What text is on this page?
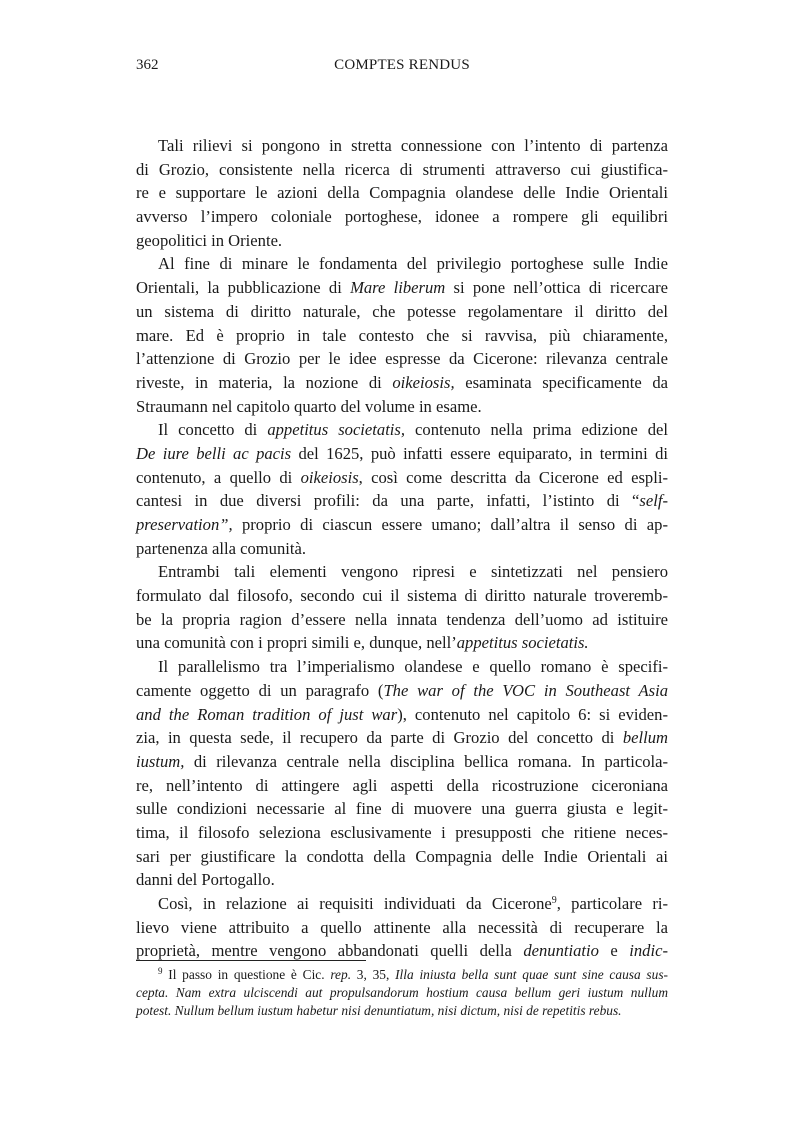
362	COMPTES RENDUS
Tali rilievi si pongono in stretta connessione con l’intento di partenza
di Grozio, consistente nella ricerca di strumenti attraverso cui giustifica-
re e supportare le azioni della Compagnia olandese delle Indie Orientali
avverso l’impero coloniale portoghese, idonee a rompere gli equilibri
geopolitici in Oriente.
Al fine di minare le fondamenta del privilegio portoghese sulle Indie
Orientali, la pubblicazione di Mare liberum si pone nell’ottica di ricercare
un sistema di diritto naturale, che potesse regolamentare il diritto del
mare. Ed è proprio in tale contesto che si ravvisa, più chiaramente,
l’attenzione di Grozio per le idee espresse da Cicerone: rilevanza centrale
riveste, in materia, la nozione di oikeiosis, esaminata specificamente da
Straumann nel capitolo quarto del volume in esame.
Il concetto di appetitus societatis, contenuto nella prima edizione del
De iure belli ac pacis del 1625, può infatti essere equiparato, in termini di
contenuto, a quello di oikeiosis, così come descritta da Cicerone ed espli-
cantesi in due diversi profili: da una parte, infatti, l’istinto di “self-
preservation”, proprio di ciascun essere umano; dall’altra il senso di ap-
partenenza alla comunità.
Entrambi tali elementi vengono ripresi e sintetizzati nel pensiero
formulato dal filosofo, secondo cui il sistema di diritto naturale troveremb-
be la propria ragion d’essere nella innata tendenza dell’uomo ad istituire
una comunità con i propri simili e, dunque, nell’appetitus societatis.
Il parallelismo tra l’imperialismo olandese e quello romano è specifi-
camente oggetto di un paragrafo (The war of the VOC in Southeast Asia
and the Roman tradition of just war), contenuto nel capitolo 6: si eviden-
zia, in questa sede, il recupero da parte di Grozio del concetto di bellum
iustum, di rilevanza centrale nella disciplina bellica romana. In particola-
re, nell’intento di attingere agli aspetti della ricostruzione ciceroniana
sulle condizioni necessarie al fine di muovere una guerra giusta e legit-
tima, il filosofo seleziona esclusivamente i presupposti che ritiene neces-
sari per giustificare la condotta della Compagnia delle Indie Orientali ai
danni del Portogallo.
Così, in relazione ai requisiti individuati da Cicerone$^9$, particolare ri-
lievo viene attribuito a quello attinente alla necessità di recuperare la
proprietà, mentre vengono abbandonati quelli della denuntiatio e indic-
$^9$ Il passo in questione è Cic. rep. 3, 35, Illa iniusta bella sunt quae sunt sine causa sus-
cepta. Nam extra ulciscendi aut propulsandorum hostium causa bellum geri iustum nullum
potest. Nullum bellum iustum habetur nisi denuntiatum, nisi dictum, nisi de repetitis rebus.
